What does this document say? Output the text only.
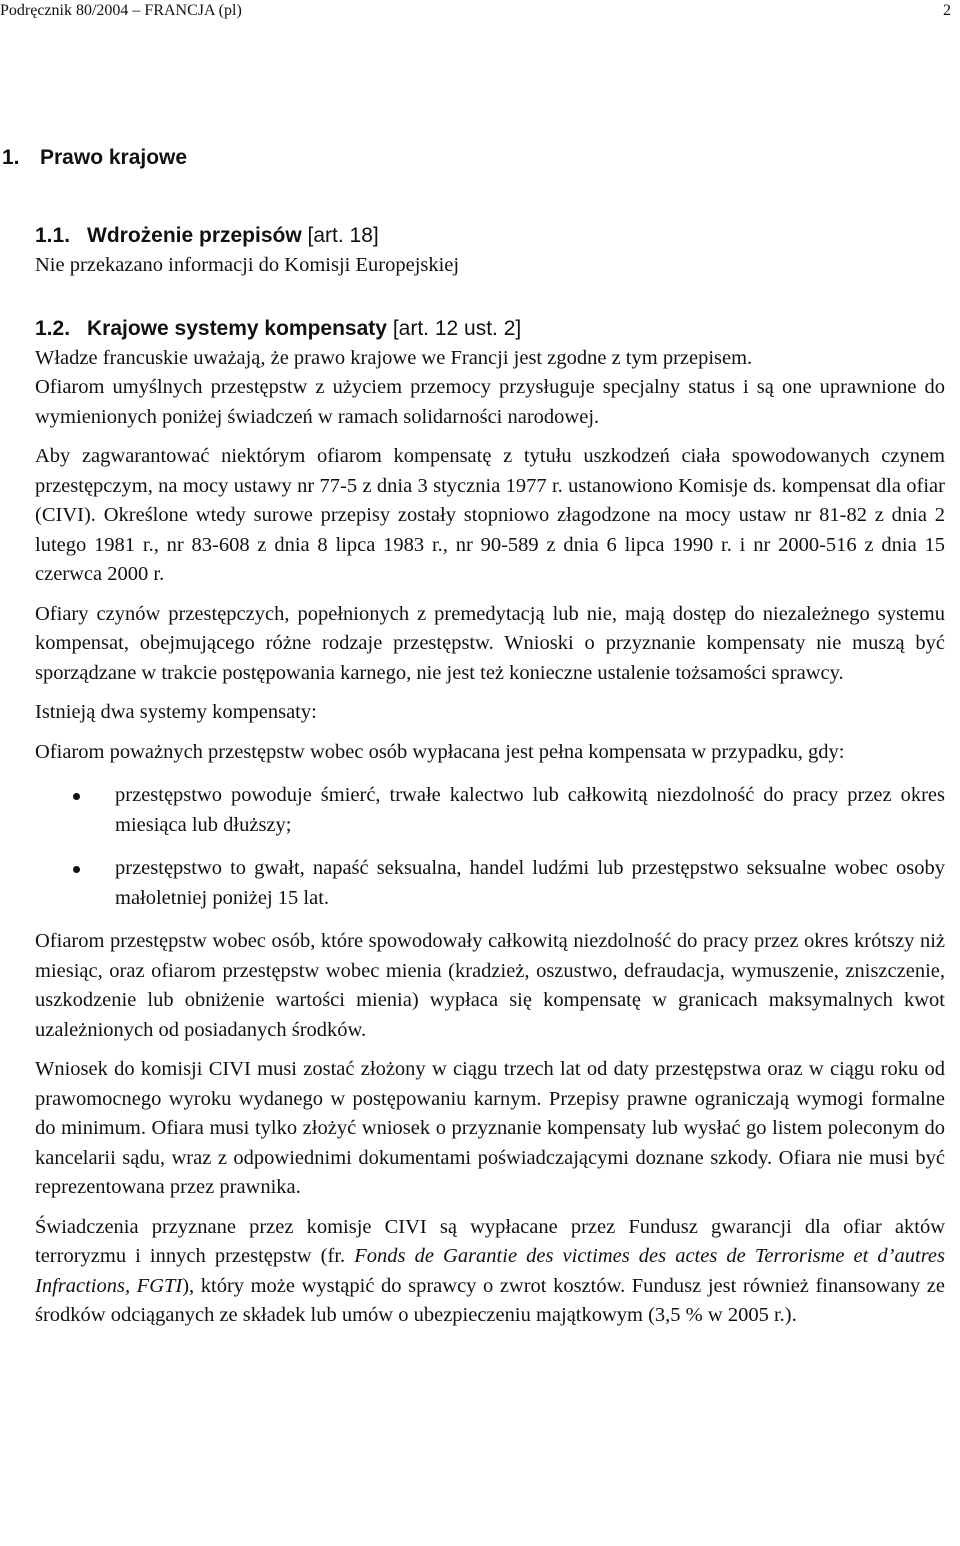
Podręcznik 80/2004 – FRANCJA (pl)	2
1. Prawo krajowe
1.1. Wdrożenie przepisów [art. 18]

Nie przekazano informacji do Komisji Europejskiej

1.2. Krajowe systemy kompensaty [art. 12 ust. 2]

Władze francuskie uważają, że prawo krajowe we Francji jest zgodne z tym przepisem.

Ofiarom umyślnych przestępstw z użyciem przemocy przysługuje specjalny status i są one uprawnione do wymienionych poniżej świadczeń w ramach solidarności narodowej.

Aby zagwarantować niektórym ofiarom kompensatę z tytułu uszkodzeń ciała spowodowanych czynem przestępczym, na mocy ustawy nr 77-5 z dnia 3 stycznia 1977 r. ustanowiono Komisje ds. kompensat dla ofiar (CIVI). Określone wtedy surowe przepisy zostały stopniowo złagodzone na mocy ustaw nr 81-82 z dnia 2 lutego 1981 r., nr 83-608 z dnia 8 lipca 1983 r., nr 90-589 z dnia 6 lipca 1990 r. i nr 2000-516 z dnia 15 czerwca 2000 r.

Ofiary czynów przestępczych, popełnionych z premedytacją lub nie, mają dostęp do niezależnego systemu kompensat, obejmującego różne rodzaje przestępstw. Wnioski o przyznanie kompensaty nie muszą być sporządzane w trakcie postępowania karnego, nie jest też konieczne ustalenie tożsamości sprawcy.

Istnieją dwa systemy kompensaty:

Ofiarom poważnych przestępstw wobec osób wypłacana jest pełna kompensata w przypadku, gdy:

przestępstwo powoduje śmierć, trwałe kalectwo lub całkowitą niezdolność do pracy przez okres miesiąca lub dłuższy;
przestępstwo to gwałt, napaść seksualna, handel ludźmi lub przestępstwo seksualne wobec osoby małoletniej poniżej 15 lat.

Ofiarom przestępstw wobec osób, które spowodowały całkowitą niezdolność do pracy przez okres krótszy niż miesiąc, oraz ofiarom przestępstw wobec mienia (kradzież, oszustwo, defraudacja, wymuszenie, zniszczenie, uszkodzenie lub obniżenie wartości mienia) wypłaca się kompensatę w granicach maksymalnych kwot uzależnionych od posiadanych środków.

Wniosek do komisji CIVI musi zostać złożony w ciągu trzech lat od daty przestępstwa oraz w ciągu roku od prawomocnego wyroku wydanego w postępowaniu karnym. Przepisy prawne ograniczają wymogi formalne do minimum. Ofiara musi tylko złożyć wniosek o przyznanie kompensaty lub wysłać go listem poleconym do kancelarii sądu, wraz z odpowiednimi dokumentami poświadczającymi doznane szkody. Ofiara nie musi być reprezentowana przez prawnika.

Świadczenia przyznane przez komisje CIVI są wypłacane przez Fundusz gwarancji dla ofiar aktów terroryzmu i innych przestępstw (fr. Fonds de Garantie des victimes des actes de Terrorisme et d’autres Infractions, FGTI), który może wystąpić do sprawcy o zwrot kosztów. Fundusz jest również finansowany ze środków odciąganych ze składek lub umów o ubezpieczeniu majątkowym (3,5 % w 2005 r.).
